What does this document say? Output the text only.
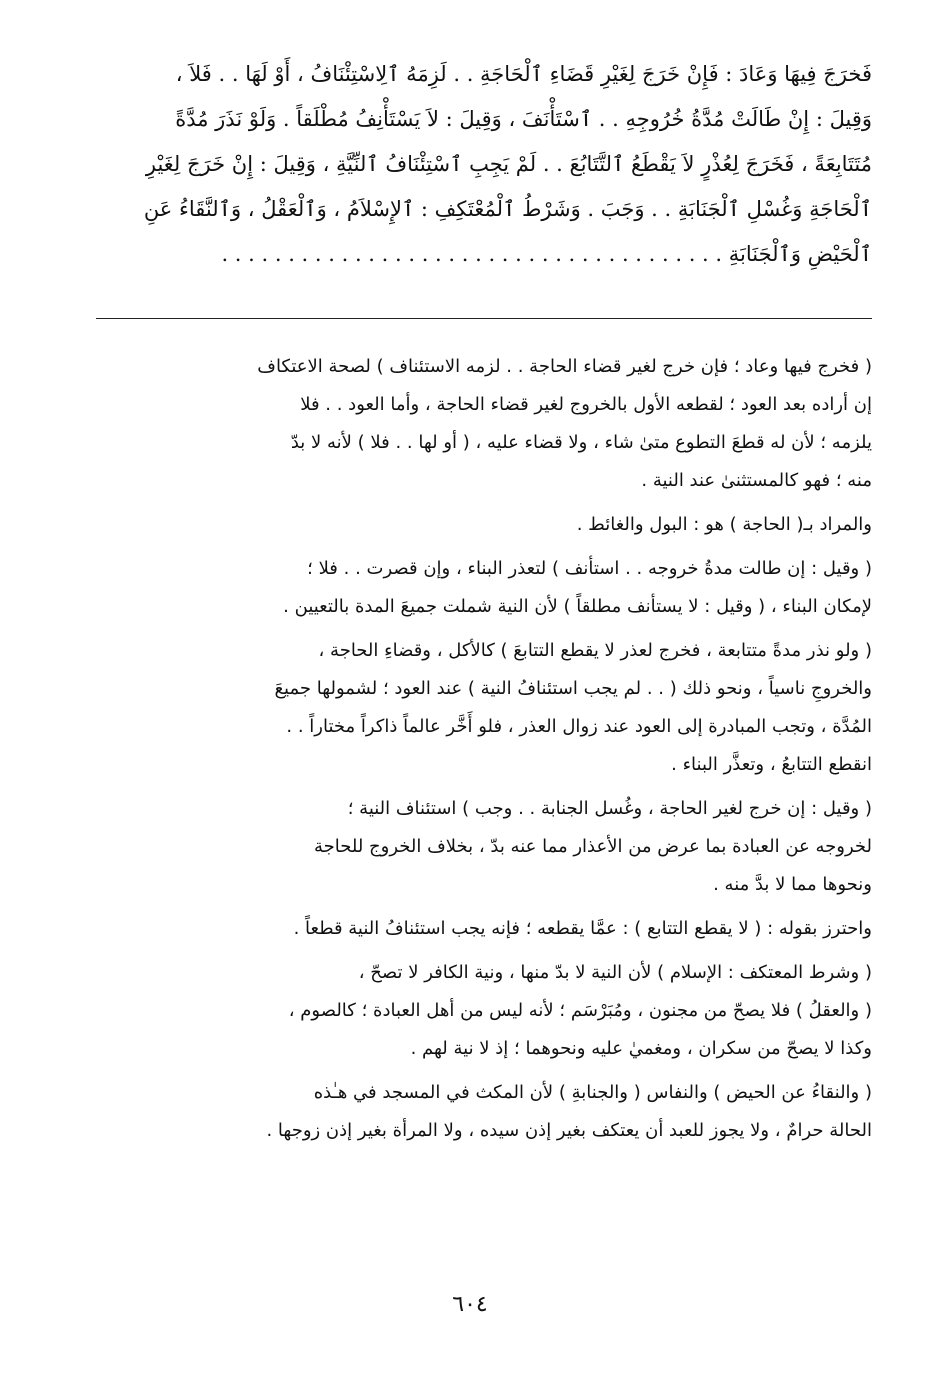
فَخرَجَ فِيهَا وَعَادَ : فَإِنْ خَرَجَ لِغَيْرِ قَضَاءِ ٱلْحَاجَةِ . . لَزِمَهُ ٱلِاسْتِئْنَافُ ، أَوْ لَهَا . . فَلاَ ،
وَقِيلَ : إِنْ طَالَتْ مُدَّةُ خُرُوجِهِ . . ٱسْتَأْنَفَ ، وَقِيلَ : لاَ يَسْتَأْنِفُ مُطْلَقاً . وَلَوْ نَذَرَ مُدَّةً
مُتَتَابِعَةً ، فَخَرَجَ لِعُذْرٍ لاَ يَقْطَعُ ٱلتَّتَابُعَ . . لَمْ يَجِبِ ٱسْتِئْنَافُ ٱلنِّيَّةِ ، وَقِيلَ : إِنْ خَرَجَ لِغَيْرِ
ٱلْحَاجَةِ وَغُسْلِ ٱلْجَنَابَةِ . . وَجَبَ . وَشَرْطُ ٱلْمُعْتَكِفِ : ٱلإِسْلاَمُ ، وَٱلْعَقْلُ ، وَٱلنَّقَاءُ عَنِ
ٱلْحَيْضِ وَٱلْجَنَابَةِ . . . . . . . . . . . . . . . . . . . . . . . . . . . . . . . . . . . . . .
( فخرج فيها وعاد ؛ فإن خرج لغير قضاء الحاجة . . لزمه الاستئناف ) لصحة الاعتكاف
إن أراده بعد العود ؛ لقطعه الأول بالخروج لغير قضاء الحاجة ، وأما العود . . فلا
يلزمه ؛ لأن له قطعَ التطوع متىٰ شاء ، ولا قضاء عليه ، ( أو لها . . فلا ) لأنه لا بدّ
منه ؛ فهو كالمستثنىٰ عند النية .
والمراد بـ( الحاجة ) هو : البول والغائط .
( وقيل : إن طالت مدةُ خروجه . . استأنف ) لتعذر البناء ، وإن قصرت . . فلا ؛
لإمكان البناء ، ( وقيل : لا يستأنف مطلقاً ) لأن النية شملت جميعَ المدة بالتعيين .
( ولو نذر مدةً متتابعة ، فخرج لعذر لا يقطع التتابعَ ) كالأكل ، وقضاءِ الحاجة ،
والخروجِ ناسياً ، ونحو ذلك ( . . لم يجب استئنافُ النية ) عند العود ؛ لشمولها جميعَ
المُدَّة ، وتجب المبادرة إلى العود عند زوال العذر ، فلو أَخَّر عالماً ذاكراً مختاراً . .
انقطع التتابعُ ، وتعذَّر البناء .
( وقيل : إن خرج لغير الحاجة ، وغُسل الجنابة . . وجب ) استئناف النية ؛
لخروجه عن العبادة بما عرض من الأعذار مما عنه بدّ ، بخلاف الخروج للحاجة
ونحوها مما لا بدَّ منه .
واحترز بقوله : ( لا يقطع التتابع ) : عمَّا يقطعه ؛ فإنه يجب استئنافُ النية قطعاً .
( وشرط المعتكف : الإسلام ) لأن النية لا بدّ منها ، ونية الكافر لا تصحّ ،
( والعقلُ ) فلا يصحّ من مجنون ، ومُبَرْسَم ؛ لأنه ليس من أهل العبادة ؛ كالصوم ،
وكذا لا يصحّ من سكران ، ومغميٰ عليه ونحوهما ؛ إذ لا نية لهم .
( والنقاءُ عن الحيض ) والنفاس ( والجنابةِ ) لأن المكث في المسجد في هـٰذه
الحالة حرامٌ ، ولا يجوز للعبد أن يعتكف بغير إذن سيده ، ولا المرأة بغير إذن زوجها .
٦٠٤
